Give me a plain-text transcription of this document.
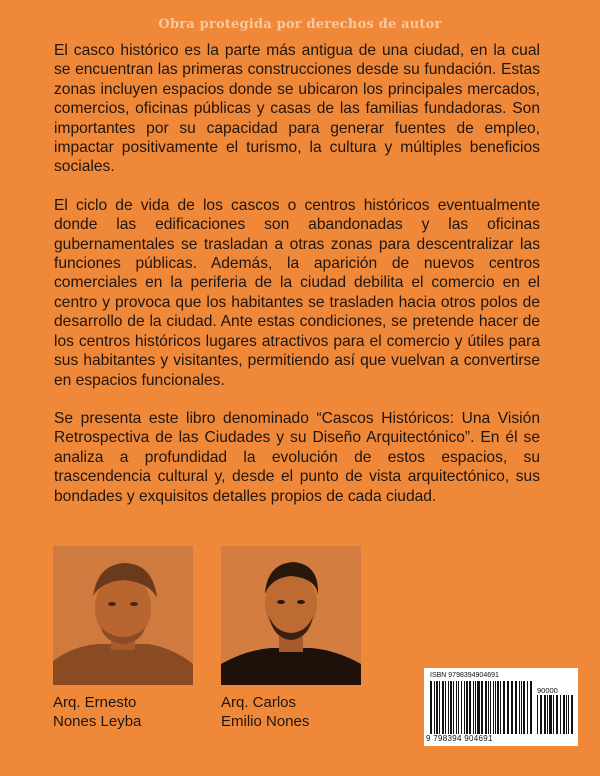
Obra protegida por derechos de autor

El casco histórico es la parte más antigua de una ciudad, en la cual se encuentran las primeras construcciones desde su fundación. Estas zonas incluyen espacios donde se ubicaron los principales mercados, comercios, oficinas públicas y casas de las familias fundadoras. Son importantes por su capacidad para generar fuentes de empleo, impactar positivamente el turismo, la cultura y múltiples beneficios sociales.

El ciclo de vida de los cascos o centros históricos eventualmente donde las edificaciones son abandonadas y las oficinas gubernamentales se trasladan a otras zonas para descentralizar las funciones públicas. Además, la aparición de nuevos centros comerciales en la periferia de la ciudad debilita el comercio en el centro y provoca que los habitantes se trasladen hacia otros polos de desarrollo de la ciudad. Ante estas condiciones, se pretende hacer de los centros históricos lugares atractivos para el comercio y útiles para sus habitantes y visitantes, permitiendo así que vuelvan a convertirse en espacios funcionales.

Se presenta este libro denominado “Cascos Históricos: Una Visión Retrospectiva de las Ciudades y su Diseño Arquitectónico”. En él se analiza a profundidad la evolución de estos espacios, su trascendencia cultural y, desde el punto de vista arquitectónico, sus bondades y exquisitos detalles propios de cada ciudad.

Arq. Ernesto
Nones Leyba
Arq. Carlos
Emilio Nones
ISBN 9798394904691
90000
9 798394 904691
